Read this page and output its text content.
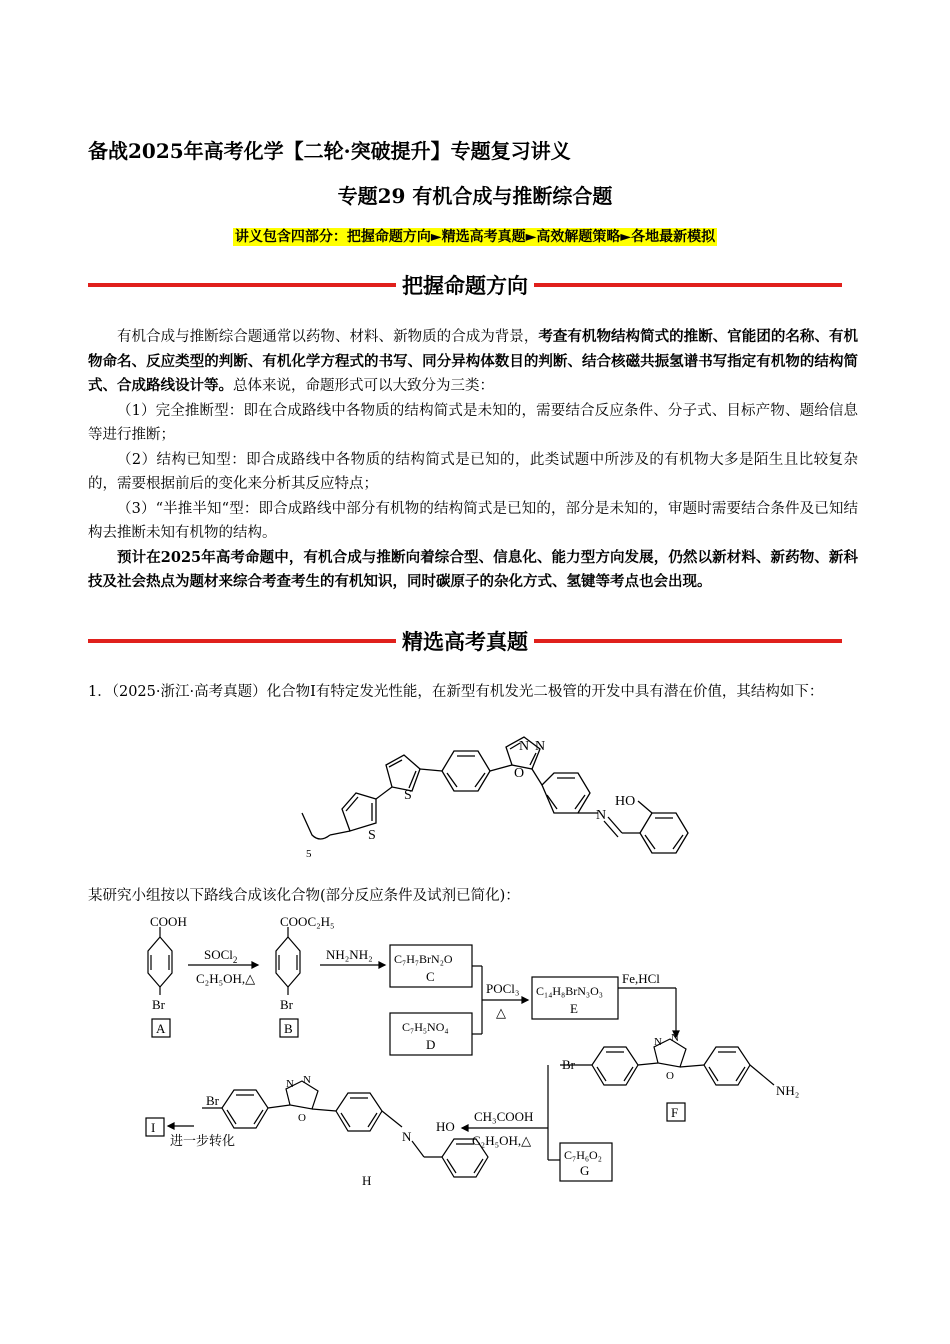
备战2025年高考化学【二轮·突破提升】专题复习讲义
专题29 有机合成与推断综合题
讲义包含四部分：把握命题方向►精选高考真题►高效解题策略►各地最新模拟
把握命题方向

有机合成与推断综合题通常以药物、材料、新物质的合成为背景，考查有机物结构简式的推断、官能团的名称、有机物命名、反应类型的判断、有机化学方程式的书写、同分异构体数目的判断、结合核磁共振氢谱书写指定有机物的结构简式、合成路线设计等。总体来说，命题形式可以大致分为三类：

（1）完全推断型：即在合成路线中各物质的结构简式是未知的，需要结合反应条件、分子式、目标产物、题给信息等进行推断；

（2）结构已知型：即合成路线中各物质的结构简式是已知的，此类试题中所涉及的有机物大多是陌生且比较复杂的，需要根据前后的变化来分析其反应特点；

（3）“半推半知“型：即合成路线中部分有机物的结构简式是已知的，部分是未知的，审题时需要结合条件及已知结构去推断未知有机物的结构。

预计在2025年高考命题中，有机合成与推断向着综合型、信息化、能力型方向发展，仍然以新材料、新药物、新科技及社会热点为题材来综合考查考生的有机知识，同时碳原子的杂化方式、氢键等考点也会出现。

精选高考真题
1．（2025·浙江·高考真题）化合物I有特定发光性能，在新型有机发光二极管的开发中具有潜在价值，其结构如下：
N N
O
S
S	HO
N
5
某研究小组按以下路线合成该化合物(部分反应条件及试剂已简化)：
COOH
Br
A
SOCl$_2$
C₂H₅OH,△
COOC₂H₅
Br
B
NH₂NH₂ C₇H₇BrN₂O
C
C₇H₅NO₄
D
POCl₃
△
C₁₄H₈BrN₃O₃
E
Fe,HCl
Br
N N
O
NH₂
F
CH₃COOH
C₂H₅OH,△
C₇H₆O₂
G
Br
N N
O
N
HO
H
I
进一步转化
